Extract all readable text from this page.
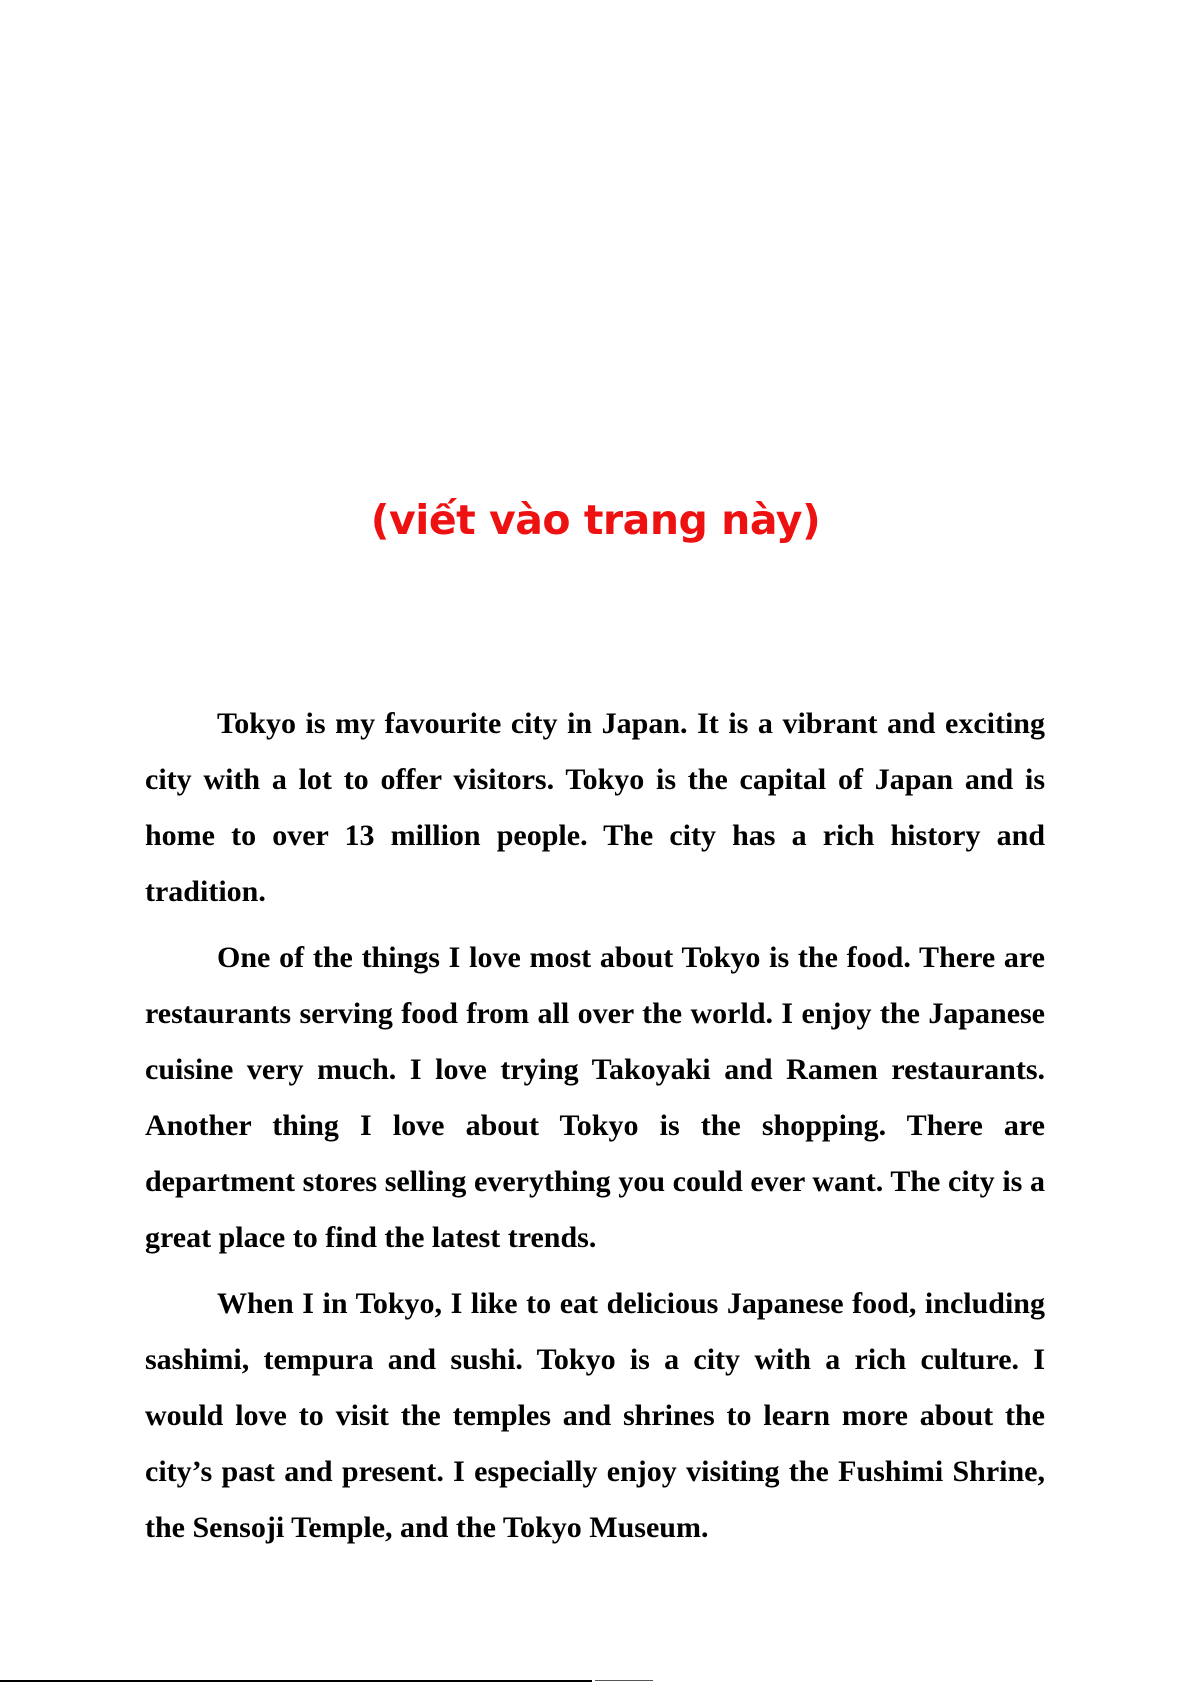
(viết vào trang này)

Tokyo is my favourite city in Japan. It is a vibrant and exciting city with a lot to offer visitors. Tokyo is the capital of Japan and is home to over 13 million people. The city has a rich history and tradition.

One of the things I love most about Tokyo is the food. There are restaurants serving food from all over the world. I enjoy the Japanese cuisine very much. I love trying Takoyaki and Ramen restaurants. Another thing I love about Tokyo is the shopping. There are department stores selling everything you could ever want. The city is a great place to find the latest trends.

When I in Tokyo, I like to eat delicious Japanese food, including sashimi, tempura and sushi. Tokyo is a city with a rich culture. I would love to visit the temples and shrines to learn more about the city’s past and present. I especially enjoy visiting the Fushimi Shrine, the Sensoji Temple, and the Tokyo Museum.
